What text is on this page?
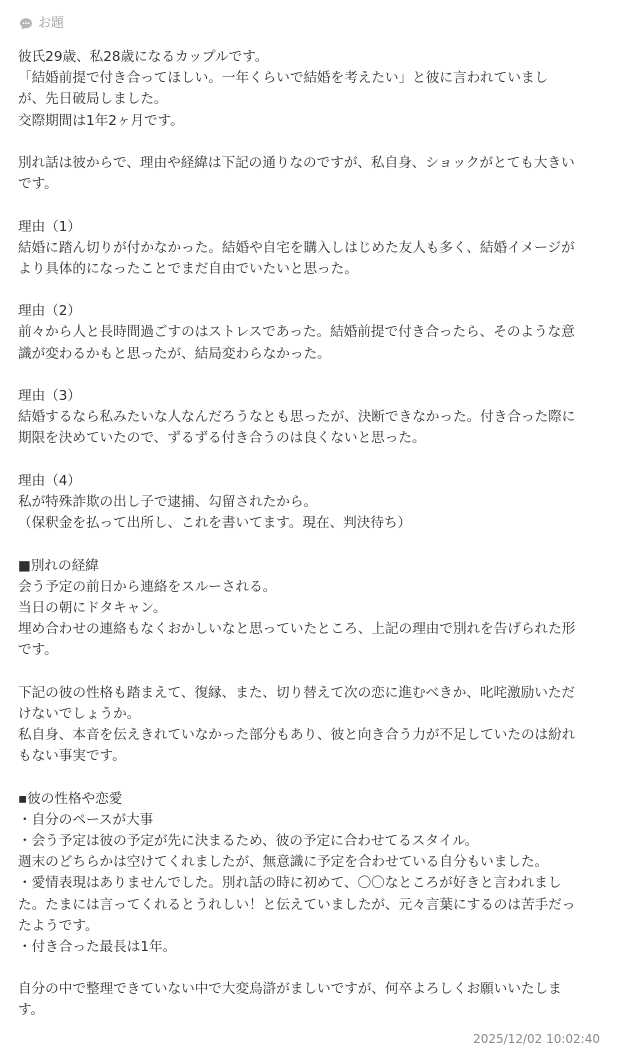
お題
彼氏29歳、私28歳になるカップルです。
「結婚前提で付き合ってほしい。一年くらいで結婚を考えたい」と彼に言われていまし
が、先日破局しました。
交際期間は1年2ヶ月です。
別れ話は彼からで、理由や経緯は下記の通りなのですが、私自身、ショックがとても大きい
です。
理由（1）
結婚に踏ん切りが付かなかった。結婚や自宅を購入しはじめた友人も多く、結婚イメージが
より具体的になったことでまだ自由でいたいと思った。
理由（2）
前々から人と長時間過ごすのはストレスであった。結婚前提で付き合ったら、そのような意
識が変わるかもと思ったが、結局変わらなかった。
理由（3）
結婚するなら私みたいな人なんだろうなとも思ったが、決断できなかった。付き合った際に
期限を決めていたので、ずるずる付き合うのは良くないと思った。
理由（4）
私が特殊詐欺の出し子で逮捕、勾留されたから。
（保釈金を払って出所し、これを書いてます。現在、判決待ち）
■別れの経緯
会う予定の前日から連絡をスルーされる。
当日の朝にドタキャン。
埋め合わせの連絡もなくおかしいなと思っていたところ、上記の理由で別れを告げられた形
です。
下記の彼の性格も踏まえて、復縁、また、切り替えて次の恋に進むべきか、叱咤激励いただ
けないでしょうか。
私自身、本音を伝えきれていなかった部分もあり、彼と向き合う力が不足していたのは紛れ
もない事実です。
▪彼の性格や恋愛
・自分のペースが大事
・会う予定は彼の予定が先に決まるため、彼の予定に合わせてるスタイル。
週末のどちらかは空けてくれましたが、無意識に予定を合わせている自分もいました。
・愛情表現はありませんでした。別れ話の時に初めて、〇〇なところが好きと言われまし
た。たまには言ってくれるとうれしい！と伝えていましたが、元々言葉にするのは苦手だっ
たようです。
・付き合った最長は1年。
自分の中で整理できていない中で大変烏滸がましいですが、何卒よろしくお願いいたしま
す。
2025/12/02 10:02:40
